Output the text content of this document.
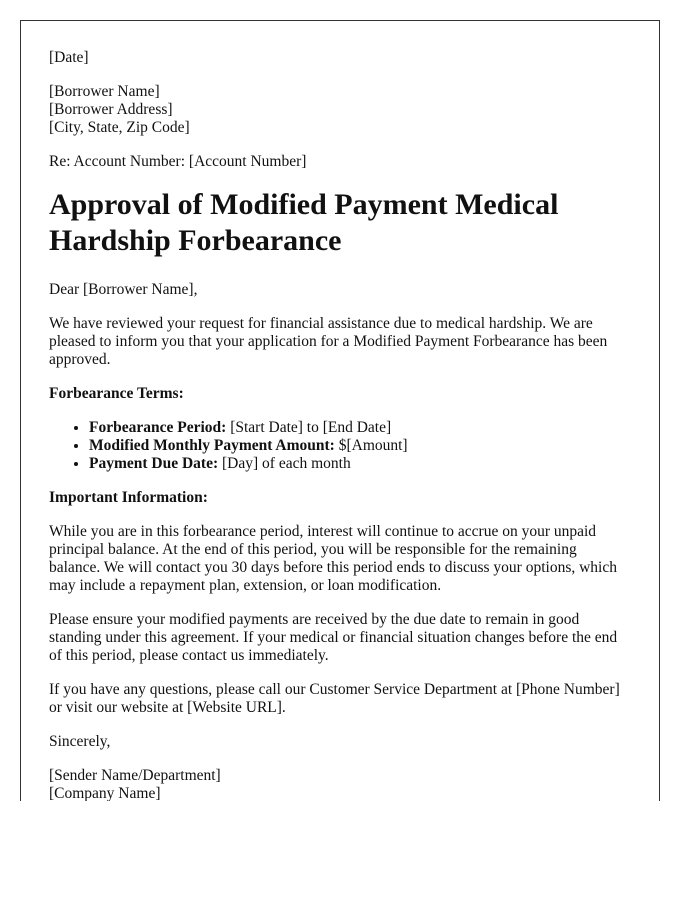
[Date]

[Borrower Name]
[Borrower Address]
[City, State, Zip Code]

Re: Account Number: [Account Number]

Approval of Modified Payment Medical Hardship Forbearance

Dear [Borrower Name],

We have reviewed your request for financial assistance due to medical hardship. We are pleased to inform you that your application for a Modified Payment Forbearance has been approved.

Forbearance Terms:

• Forbearance Period: [Start Date] to [End Date]
• Modified Monthly Payment Amount: $[Amount]
• Payment Due Date: [Day] of each month

Important Information:

While you are in this forbearance period, interest will continue to accrue on your unpaid principal balance. At the end of this period, you will be responsible for the remaining balance. We will contact you 30 days before this period ends to discuss your options, which may include a repayment plan, extension, or loan modification.

Please ensure your modified payments are received by the due date to remain in good standing under this agreement. If your medical or financial situation changes before the end of this period, please contact us immediately.

If you have any questions, please call our Customer Service Department at [Phone Number] or visit our website at [Website URL].

Sincerely,

[Sender Name/Department]
[Company Name]
